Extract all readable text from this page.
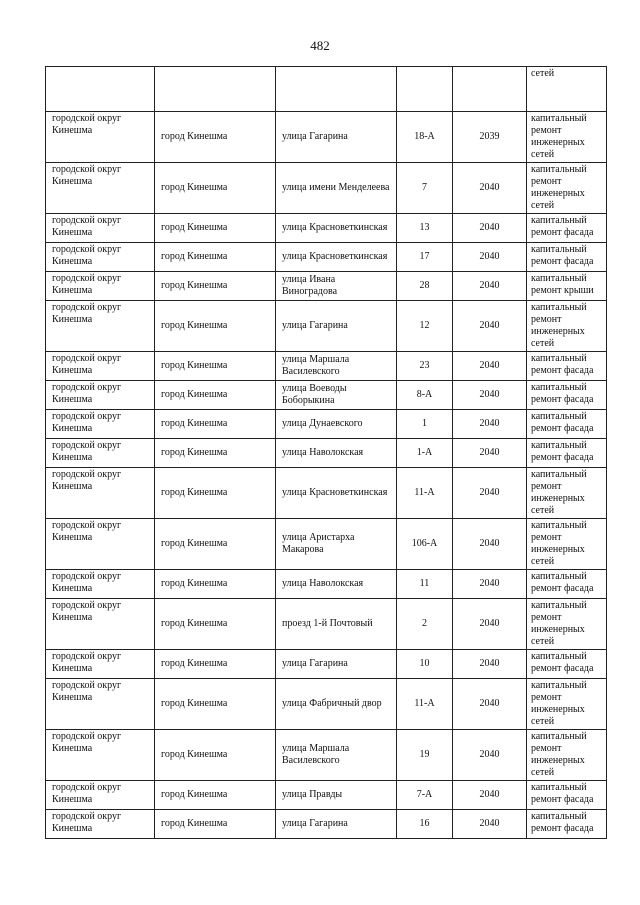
482
					сетей
городской округ Кинешма	город Кинешма	улица Гагарина	18-А	2039	капитальный ремонт инженерных сетей
городской округ Кинешма	город Кинешма	улица имени Менделеева	7	2040	капитальный ремонт инженерных сетей
городской округ Кинешма	город Кинешма	улица Красноветкинская	13	2040	капитальный ремонт фасада
городской округ Кинешма	город Кинешма	улица Красноветкинская	17	2040	капитальный ремонт фасада
городской округ Кинешма	город Кинешма	улица Ивана Виноградова	28	2040	капитальный ремонт крыши
городской округ Кинешма	город Кинешма	улица Гагарина	12	2040	капитальный ремонт инженерных сетей
городской округ Кинешма	город Кинешма	улица Маршала Василевского	23	2040	капитальный ремонт фасада
городской округ Кинешма	город Кинешма	улица Воеводы Боборыкина	8-А	2040	капитальный ремонт фасада
городской округ Кинешма	город Кинешма	улица Дунаевского	1	2040	капитальный ремонт фасада
городской округ Кинешма	город Кинешма	улица Наволокская	1-А	2040	капитальный ремонт фасада
городской округ Кинешма	город Кинешма	улица Красноветкинская	11-А	2040	капитальный ремонт инженерных сетей
городской округ Кинешма	город Кинешма	улица Аристарха Макарова	106-А	2040	капитальный ремонт инженерных сетей
городской округ Кинешма	город Кинешма	улица Наволокская	11	2040	капитальный ремонт фасада
городской округ Кинешма	город Кинешма	проезд 1-й Почтовый	2	2040	капитальный ремонт инженерных сетей
городской округ Кинешма	город Кинешма	улица Гагарина	10	2040	капитальный ремонт фасада
городской округ Кинешма	город Кинешма	улица Фабричный двор	11-А	2040	капитальный ремонт инженерных сетей
городской округ Кинешма	город Кинешма	улица Маршала Василевского	19	2040	капитальный ремонт инженерных сетей
городской округ Кинешма	город Кинешма	улица Правды	7-А	2040	капитальный ремонт фасада
городской округ Кинешма	город Кинешма	улица Гагарина	16	2040	капитальный ремонт фасада
